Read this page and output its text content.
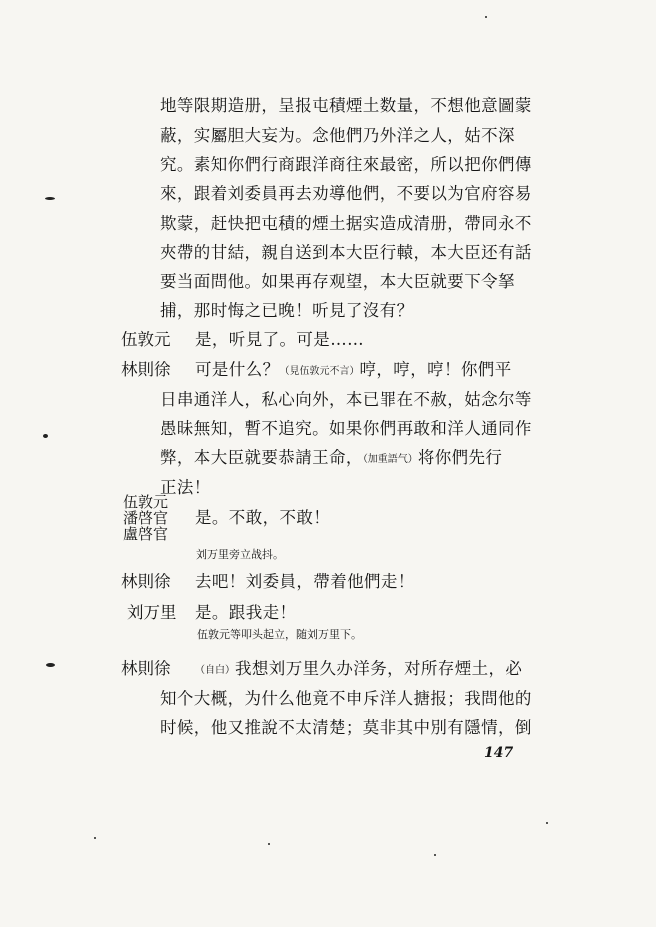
地等限期造册，呈报屯積煙土数量，不想他意圖蒙
蔽，实屬胆大妄为。念他們乃外洋之人，姑不深
究。素知你們行商跟洋商往來最密，所以把你們傳
來，跟着刘委員再去劝導他們，不要以为官府容易
欺蒙，赶快把屯積的煙土据实造成清册，帶同永不
夾帶的甘結，親自送到本大臣行轅，本大臣还有話
要当面問他。如果再存观望，本大臣就要下令拏
捕，那时悔之已晚！听見了沒有？
伍敦元 是，听見了。可是……
林則徐 可是什么？（見伍敦元不言）哼，哼，哼！你們平
日串通洋人，私心向外，本已罪在不赦，姑念尔等
愚昧無知，暫不追究。如果你們再敢和洋人通同作
弊，本大臣就要恭請王命，（加重語气）将你們先行
正法！
伍敦元
潘啓官
盧啓官
是。不敢，不敢！
刘万里旁立战抖。
林則徐 去吧！刘委員，帶着他們走！
刘万里 是。跟我走！
伍敦元等叩头起立，随刘万里下。
林則徐 （自白）我想刘万里久办洋务，对所存煙土，必
知个大概，为什么他竟不申斥洋人搪报；我問他的
时候，他又推說不太清楚；莫非其中別有隱情，倒
147
